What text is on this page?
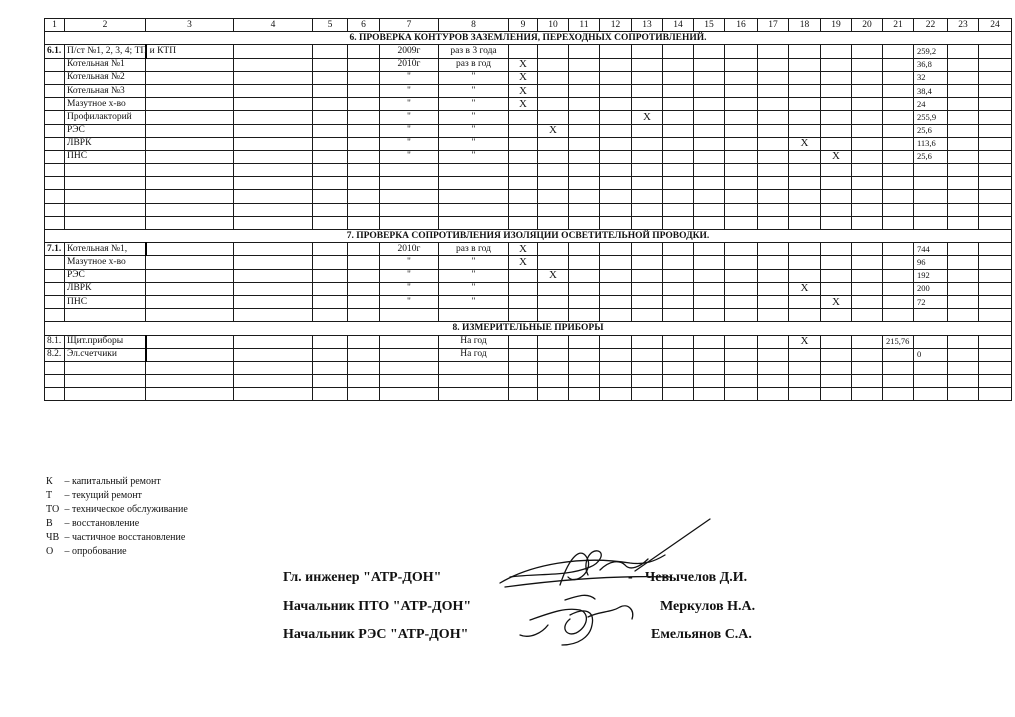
1	2	3	4	5	6	7	8	9	10	11	12	13	14	15	16	17	18	19	20	21	22	23	24
6. ПРОВЕРКА КОНТУРОВ ЗАЗЕМЛЕНИЯ, ПЕРЕХОДНЫХ СОПРОТИВЛЕНИЙ.																							
6.1.	П/ст №1, 2, 3, 4; ТП и КТП					2009г	раз в 3 года														259,2		
	Котельная №1					2010г	раз в год	X													36,8		
	Котельная №2					"	"	X													32		
	Котельная №3					"	"	X													38,4		
	Мазутное х-во					"	"	X													24		
	Профилакторий					"	"					X									255,9		
	РЭС					"	"		X												25,6		
	ЛВРК					"	"										X				113,6		
	ПНС					"	"											X			25,6		

7. ПРОВЕРКА СОПРОТИВЛЕНИЯ ИЗОЛЯЦИИ ОСВЕТИТЕЛЬНОЙ ПРОВОДКИ.																							
7.1.	Котельная №1,					2010г	раз в год	X													744		
	Мазутное х-во					"	"	X													96		
	РЭС					"	"		X												192		
	ЛВРК					"	"										X				200		
	ПНС					"	"											X			72		

8. ИЗМЕРИТЕЛЬНЫЕ ПРИБОРЫ																							
8.1.	Щит.приборы						На год										X			215,76			
8.2.	Эл.счетчики						На год														0		

К – капитальный ремонт
Т – текущий ремонт
ТО – техническое обслуживание
В – восстановление
ЧВ – частичное восстановление
О – опробование
Гл. инженер "АТР-ДОН"	Чевычелов Д.И.
Начальник ПТО "АТР-ДОН"	Меркулов Н.А.
Начальник РЭС "АТР-ДОН"	Емельянов С.А.
-
